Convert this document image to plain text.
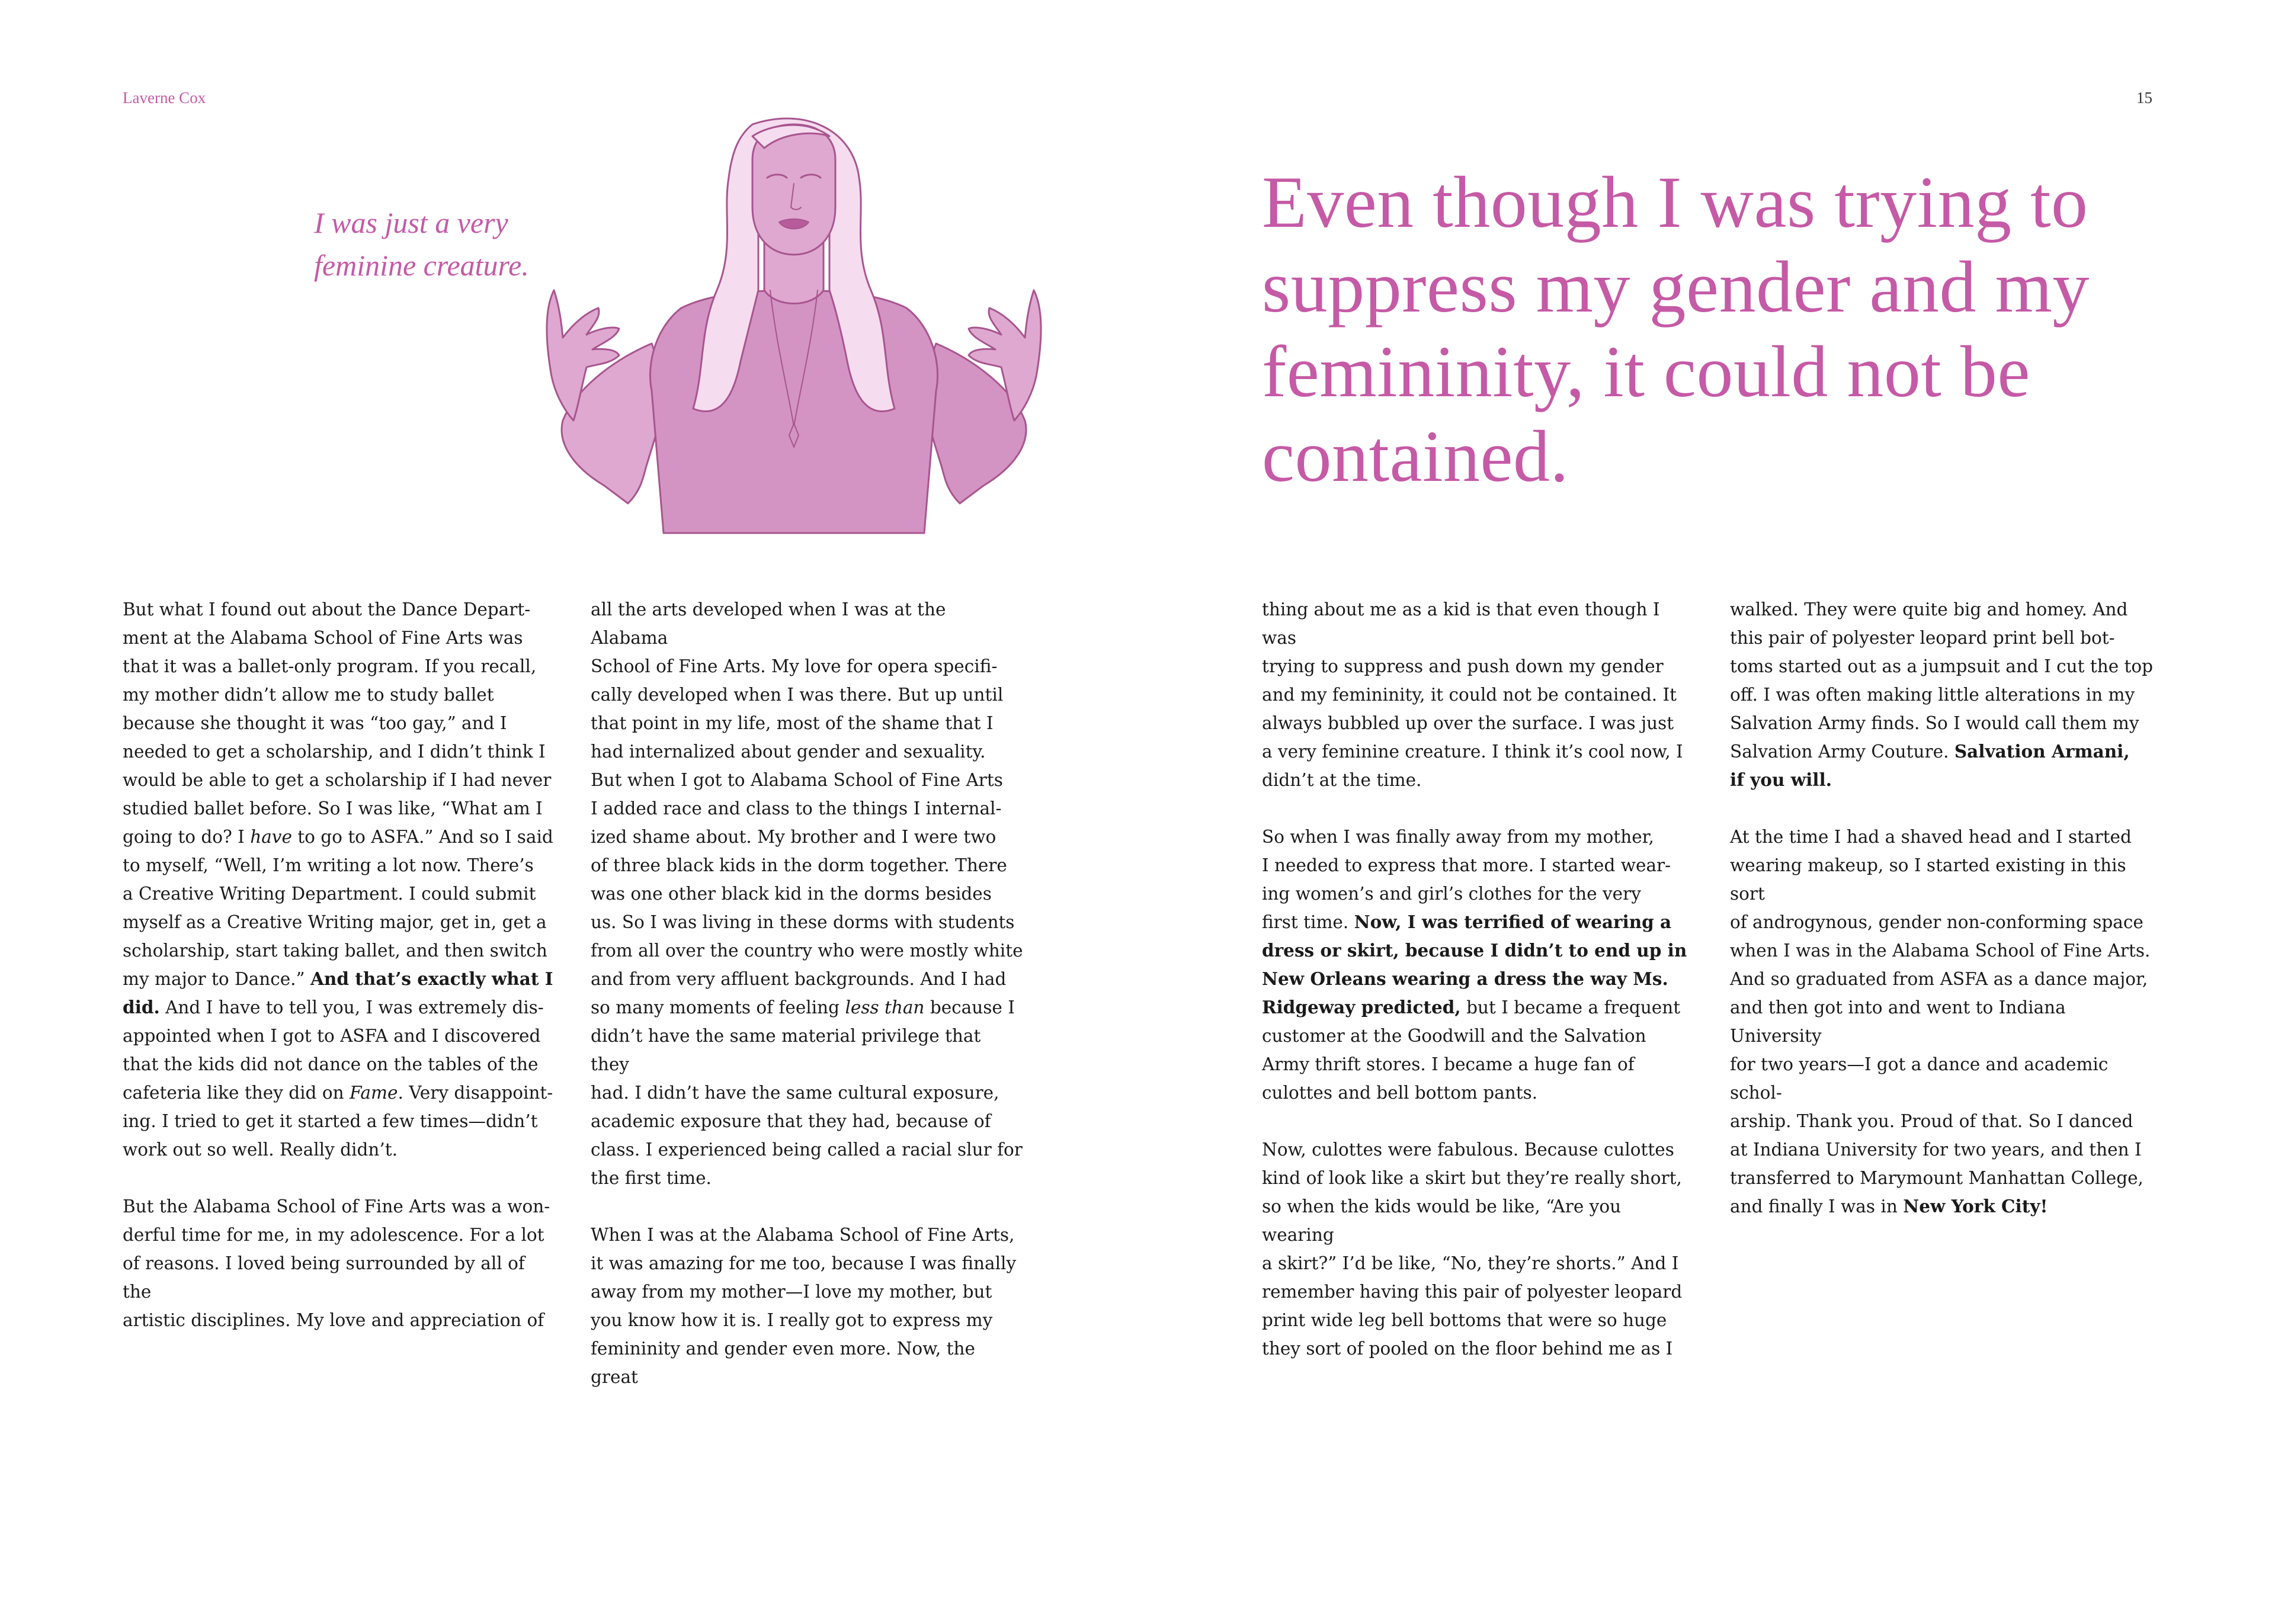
Laverne Cox	15
I was just a very feminine creature.
Even though I was trying to suppress my gender and my femininity, it could not be contained.

But what I found out about the Dance Depart-
ment at the Alabama School of Fine Arts was
that it was a ballet-only program. If you recall,
my mother didn’t allow me to study ballet
because she thought it was “too gay,” and I
needed to get a scholarship, and I didn’t think I
would be able to get a scholarship if I had never
studied ballet before. So I was like, “What am I
going to do? I have to go to ASFA.” And so I said
to myself, “Well, I’m writing a lot now. There’s
a Creative Writing Department. I could submit
myself as a Creative Writing major, get in, get a
scholarship, start taking ballet, and then switch
my major to Dance.” And that’s exactly what I
did. And I have to tell you, I was extremely dis-
appointed when I got to ASFA and I discovered
that the kids did not dance on the tables of the
cafeteria like they did on Fame. Very disappoint-
ing. I tried to get it started a few times—didn’t
work out so well. Really didn’t.

But the Alabama School of Fine Arts was a won-
derful time for me, in my adolescence. For a lot
of reasons. I loved being surrounded by all of the
artistic disciplines. My love and appreciation of

all the arts developed when I was at the Alabama
School of Fine Arts. My love for opera specifi-
cally developed when I was there. But up until
that point in my life, most of the shame that I
had internalized about gender and sexuality.
But when I got to Alabama School of Fine Arts
I added race and class to the things I internal-
ized shame about. My brother and I were two
of three black kids in the dorm together. There
was one other black kid in the dorms besides
us. So I was living in these dorms with students
from all over the country who were mostly white
and from very affluent backgrounds. And I had
so many moments of feeling less than because I
didn’t have the same material privilege that they
had. I didn’t have the same cultural exposure,
academic exposure that they had, because of
class. I experienced being called a racial slur for
the first time.

When I was at the Alabama School of Fine Arts,
it was amazing for me too, because I was finally
away from my mother—I love my mother, but
you know how it is. I really got to express my
femininity and gender even more. Now, the great

thing about me as a kid is that even though I was
trying to suppress and push down my gender
and my femininity, it could not be contained. It
always bubbled up over the surface. I was just
a very feminine creature. I think it’s cool now, I
didn’t at the time.

So when I was finally away from my mother,
I needed to express that more. I started wear-
ing women’s and girl’s clothes for the very
first time. Now, I was terrified of wearing a
dress or skirt, because I didn’t to end up in
New Orleans wearing a dress the way Ms.
Ridgeway predicted, but I became a frequent
customer at the Goodwill and the Salvation
Army thrift stores. I became a huge fan of
culottes and bell bottom pants.

Now, culottes were fabulous. Because culottes
kind of look like a skirt but they’re really short,
so when the kids would be like, “Are you wearing
a skirt?” I’d be like, “No, they’re shorts.” And I
remember having this pair of polyester leopard
print wide leg bell bottoms that were so huge
they sort of pooled on the floor behind me as I

walked. They were quite big and homey. And
this pair of polyester leopard print bell bot-
toms started out as a jumpsuit and I cut the top
off. I was often making little alterations in my
Salvation Army finds. So I would call them my
Salvation Army Couture. Salvation Armani,
if you will.

At the time I had a shaved head and I started
wearing makeup, so I started existing in this sort
of androgynous, gender non-conforming space
when I was in the Alabama School of Fine Arts.
And so graduated from ASFA as a dance major,
and then got into and went to Indiana University
for two years—I got a dance and academic schol-
arship. Thank you. Proud of that. So I danced
at Indiana University for two years, and then I
transferred to Marymount Manhattan College,
and finally I was in New York City!
